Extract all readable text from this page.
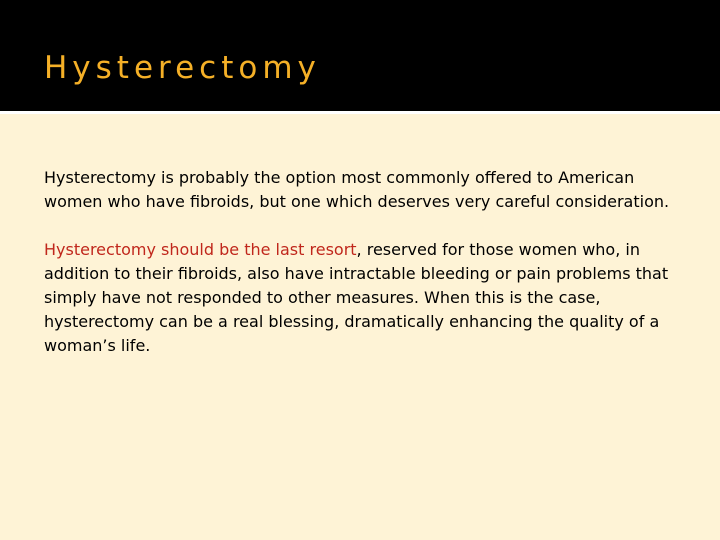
Hysterectomy

Hysterectomy is probably the option most commonly offered to American women who have fibroids, but one which deserves very careful consideration.

Hysterectomy should be the last resort, reserved for those women who, in addition to their fibroids, also have intractable bleeding or pain problems that simply have not responded to other measures. When this is the case, hysterectomy can be a real blessing, dramatically enhancing the quality of a woman’s life.
